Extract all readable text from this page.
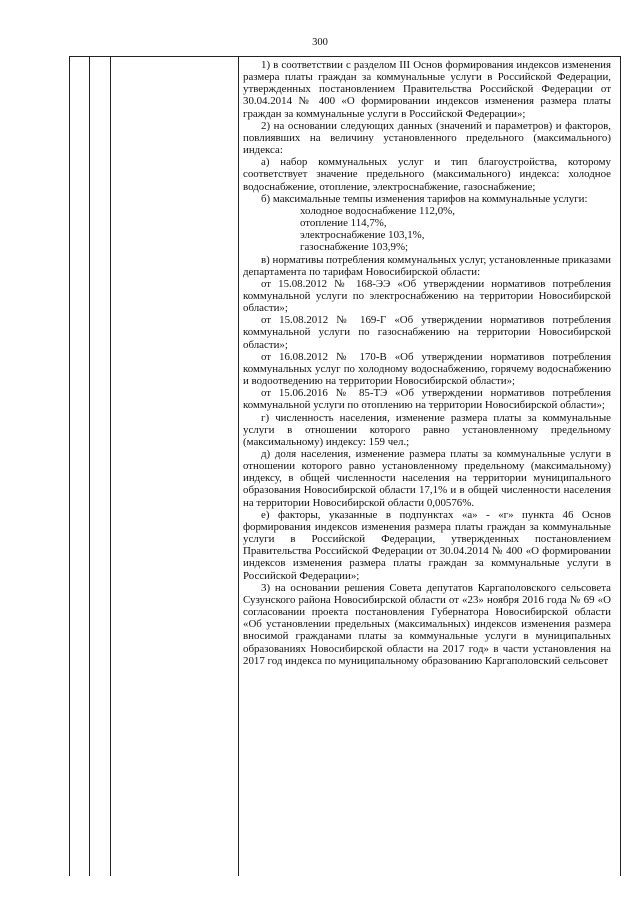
300

1) в соответствии с разделом III Основ формирования индексов изменения размера платы граждан за коммунальные услуги в Российской Федерации, утвержденных постановлением Правительства Российской Федерации от 30.04.2014 № 400 «О формировании индексов изменения размера платы граждан за коммунальные услуги в Российской Федерации»;

2) на основании следующих данных (значений и параметров) и факторов, повлиявших на величину установленного предельного (максимального) индекса:

а) набор коммунальных услуг и тип благоустройства, которому соответствует значение предельного (максимального) индекса: холодное водоснабжение, отопление, электроснабжение, газоснабжение;

б) максимальные темпы изменения тарифов на коммунальные услуги:

холодное водоснабжение 112,0%,

отопление 114,7%,

электроснабжение 103,1%,

газоснабжение 103,9%;

в) нормативы потребления коммунальных услуг, установленные приказами департамента по тарифам Новосибирской области:

от 15.08.2012 № 168-ЭЭ «Об утверждении нормативов потребления коммунальной услуги по электроснабжению на территории Новосибирской области»;

от 15.08.2012 № 169-Г «Об утверждении нормативов потребления коммунальной услуги по газоснабжению на территории Новосибирской области»;

от 16.08.2012 № 170-В «Об утверждении нормативов потребления коммунальных услуг по холодному водоснабжению, горячему водоснабжению и водоотведению на территории Новосибирской области»;

от 15.06.2016 № 85-ТЭ «Об утверждении нормативов потребления коммунальной услуги по отоплению на территории Новосибирской области»;

г) численность населения, изменение размера платы за коммунальные услуги в отношении которого равно установленному предельному (максимальному) индексу: 159 чел.;

д) доля населения, изменение размера платы за коммунальные услуги в отношении которого равно установленному предельному (максимальному) индексу, в общей численности населения на территории муниципального образования Новосибирской области 17,1% и в общей численности населения на территории Новосибирской области 0,00576%.

е) факторы, указанные в подпунктах «а» - «г» пункта 46 Основ формирования индексов изменения размера платы граждан за коммунальные услуги в Российской Федерации, утвержденных постановлением Правительства Российской Федерации от 30.04.2014 № 400 «О формировании индексов изменения размера платы граждан за коммунальные услуги в Российской Федерации»;

3) на основании решения Совета депутатов Каргаполовского сельсовета Сузунского района Новосибирской области от «23» ноября 2016 года № 69 «О согласовании проекта постановления Губернатора Новосибирской области «Об установлении предельных (максимальных) индексов изменения размера вносимой гражданами платы за коммунальные услуги в муниципальных образованиях Новосибирской области на 2017 год» в части установления на 2017 год индекса по муниципальному образованию Каргаполовский сельсовет
